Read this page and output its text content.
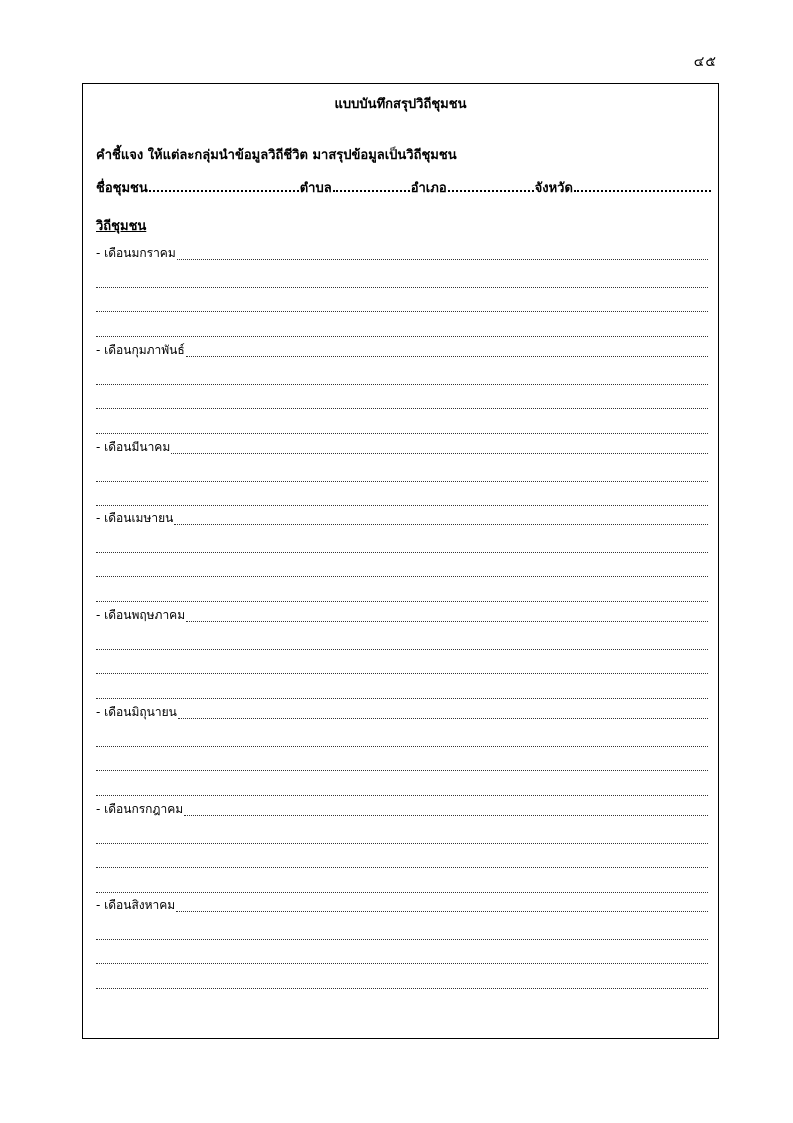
๔๕
แบบบันทึกสรุปวิถีชุมชน
คำชี้แจง ให้แต่ละกลุ่มนำข้อมูลวิถีชีวิต มาสรุปข้อมูลเป็นวิถีชุมชน
ชื่อชุมชน	ตำบล	อำเภอ	จังหวัด
วิถีชุมชน
- เดือนมกราคม
- เดือนกุมภาพันธ์
- เดือนมีนาคม
- เดือนเมษายน
- เดือนพฤษภาคม
- เดือนมิถุนายน
- เดือนกรกฎาคม
- เดือนสิงหาคม
